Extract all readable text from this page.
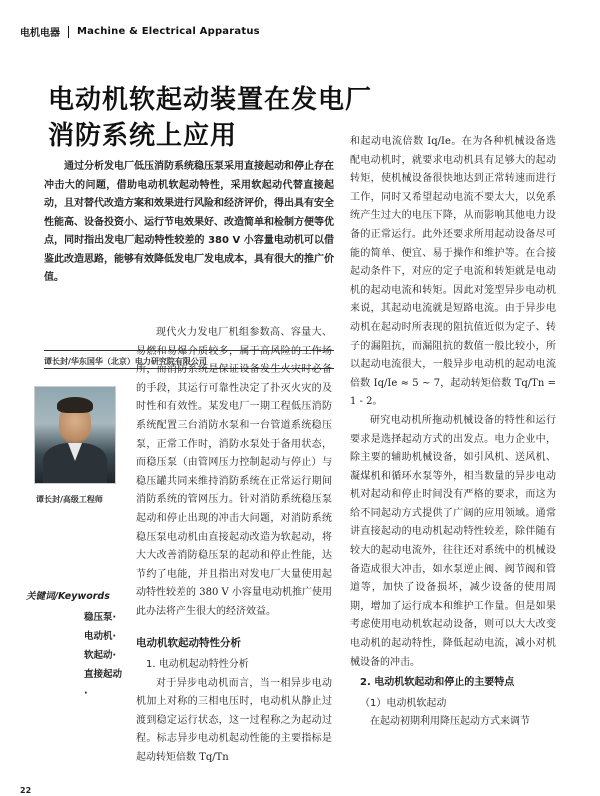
电机电器 Machine & Electrical Apparatus
电动机软起动装置在发电厂
消防系统上应用
通过分析发电厂低压消防系统稳压泵采用直接起动和停止存在冲击大的问题，借助电动机软起动特性，采用软起动代替直接起动，且对替代改造方案和效果进行风险和经济评价，得出具有安全性能高、设备投资小、运行节电效果好、改造简单和检制方便等优点，同时指出发电厂起动特性较差的 380 V 小容量电动机可以借鉴此改造思路，能够有效降低发电厂发电成本，具有很大的推广价值。
谭长封/华东国华（北京）电力研究院有限公司
谭长封/高级工程师
关键词/Keywords
稳压泵·
电动机·
软起动·
直接起动·

现代火力发电厂机组参数高、容量大、易燃和易爆介质较多，属于高风险的工作场所，而消防系统是保证设备发生火灾时必备的手段，其运行可靠性决定了扑灭火灾的及时性和有效性。某发电厂一期工程低压消防系统配置三台消防水泵和一台管道系统稳压泵，正常工作时，消防水泵处于备用状态，而稳压泵（由管网压力控制起动与停止）与稳压罐共同来维持消防系统在正常运行期间消防系统的管网压力。针对消防系统稳压泵起动和停止出现的冲击大问题，对消防系统稳压泵电动机由直接起动改造为软起动，将大大改善消防稳压泵的起动和停止性能，达节约了电能，并且指出对发电厂大量使用起动特性较差的 380 V 小容量电动机推广使用此办法将产生很大的经济效益。

电动机软起动特性分析

1. 电动机起动特性分析

对于异步电动机而言，当一相异步电动机加上对称的三相电压时，电动机从静止过渡到稳定运行状态，这一过程称之为起动过程。标志异步电动机起动性能的主要指标是起动转矩倍数 Tq/Tn

和起动电流倍数 Iq/Ie。在为各种机械设备选配电动机时，就要求电动机具有足够大的起动转矩，使机械设备很快地达到正常转速而进行工作，同时又希望起动电流不要太大，以免系统产生过大的电压下降，从而影响其他电力设备的正常运行。此外还要求所用起动设备尽可能的简单、便宜、易于操作和维护等。在合接起动条件下，对应的定子电流和转矩就是电动机的起动电流和转矩。因此对笼型异步电动机来说，其起动电流就是短路电流。由于异步电动机在起动时所表现的阻抗值近似为定子、转子的漏阻抗，而漏阻抗的数值一般比较小，所以起动电流很大，一般异步电动机的起动电流倍数 Iq/Ie ≈ 5 ~ 7，起动转矩倍数 Tq/Tn = 1 - 2。

研究电动机所拖动机械设备的特性和运行要求是选择起动方式的出发点。电力企业中，除主要的辅助机械设备，如引风机、送风机、凝煤机和循环水泵等外，相当数量的异步电动机对起动和停止时间没有严格的要求，而这为给不同起动方式提供了广阔的应用领域。通常讲直接起动的电动机起动特性较差，除伴随有较大的起动电流外，往往还对系统中的机械设备造成很大冲击，如水泵逆止阀、阀节阀和管道等，加快了设备损坏，减少设备的使用周期，增加了运行成本和维护工作量。但是如果考虑使用电动机软起动设备，则可以大大改变电动机的起动特性，降低起动电流，减小对机械设备的冲击。

2. 电动机软起动和停止的主要特点

（1）电动机软起动

在起动初期利用降压起动方式来调节

22
